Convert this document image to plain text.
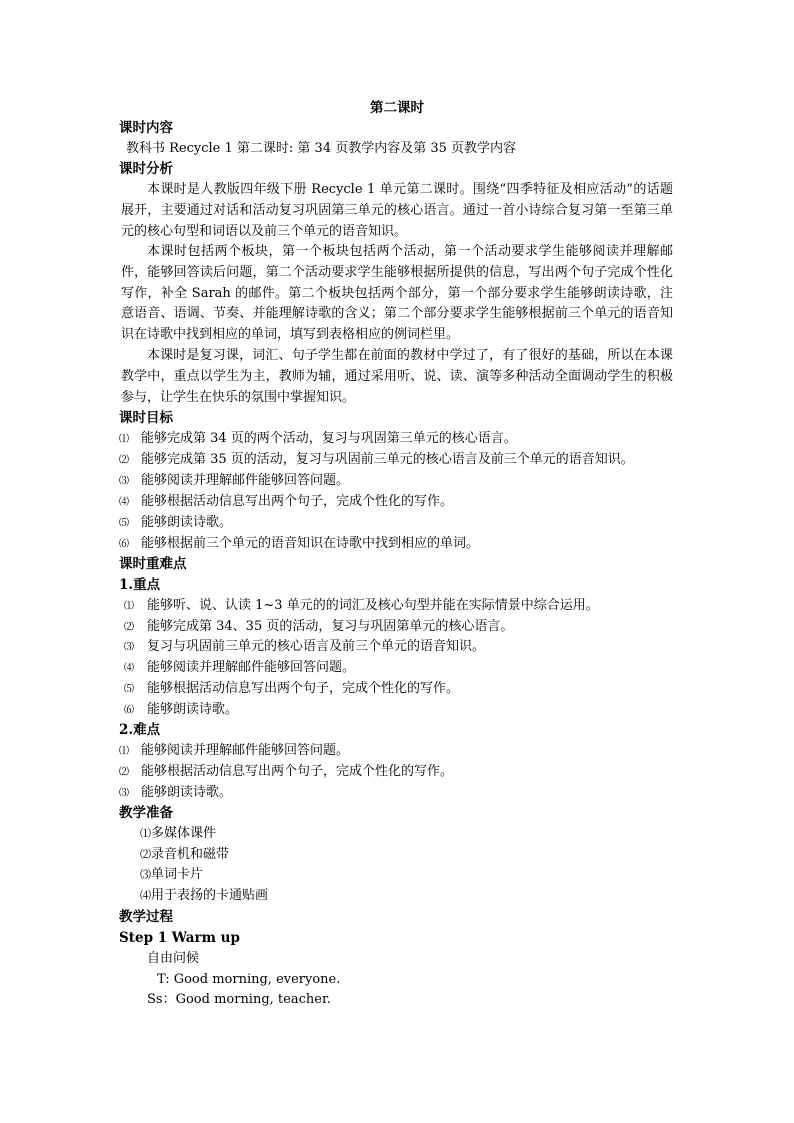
第二课时
课时内容
教科书 Recycle 1 第二课时: 第 34 页教学内容及第 35 页教学内容
课时分析
本课时是人教版四年级下册 Recycle 1 单元第二课时。围绕“四季特征及相应活动”的话题展开，主要通过对话和活动复习巩固第三单元的核心语言。通过一首小诗综合复习第一至第三单元的核心句型和词语以及前三个单元的语音知识。
本课时包括两个板块，第一个板块包括两个活动，第一个活动要求学生能够阅读并理解邮件，能够回答读后问题，第二个活动要求学生能够根据所提供的信息，写出两个句子完成个性化写作，补全 Sarah 的邮件。第二个板块包括两个部分，第一个部分要求学生能够朗读诗歌，注意语音、语调、节奏、并能理解诗歌的含义；第二个部分要求学生能够根据前三个单元的语音知识在诗歌中找到相应的单词，填写到表格相应的例词栏里。
本课时是复习课，词汇、句子学生都在前面的教材中学过了，有了很好的基础，所以在本课教学中，重点以学生为主，教师为辅，通过采用听、说、读、演等多种活动全面调动学生的积极参与，让学生在快乐的氛围中掌握知识。
课时目标
⑴ 能够完成第 34 页的两个活动，复习与巩固第三单元的核心语言。
⑵ 能够完成第 35 页的活动，复习与巩固前三单元的核心语言及前三个单元的语音知识。
⑶ 能够阅读并理解邮件能够回答问题。
⑷ 能够根据活动信息写出两个句子，完成个性化的写作。
⑸ 能够朗读诗歌。
⑹ 能够根据前三个单元的语音知识在诗歌中找到相应的单词。
课时重难点
1.重点
⑴ 能够听、说、认读 1~3 单元的的词汇及核心句型并能在实际情景中综合运用。
⑵ 能够完成第 34、35 页的活动，复习与巩固第单元的核心语言。
⑶ 复习与巩固前三单元的核心语言及前三个单元的语音知识。
⑷ 能够阅读并理解邮件能够回答问题。
⑸ 能够根据活动信息写出两个句子，完成个性化的写作。
⑹ 能够朗读诗歌。
2.难点
⑴ 能够阅读并理解邮件能够回答问题。
⑵ 能够根据活动信息写出两个句子，完成个性化的写作。
⑶ 能够朗读诗歌。
教学准备
⑴多媒体课件
⑵录音机和磁带
⑶单词卡片
⑷用于表扬的卡通贴画
教学过程
Step 1 Warm up
自由问候
T: Good morning, everyone.
Ss：Good morning, teacher.
